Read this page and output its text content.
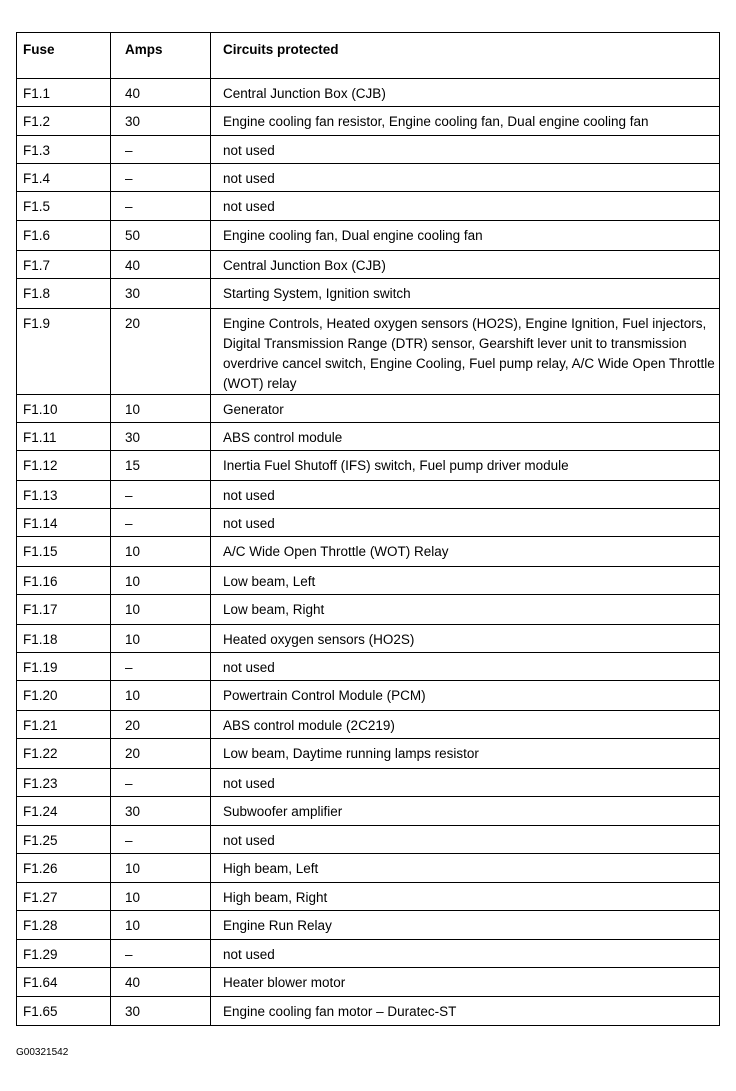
Fuse	Amps	Circuits protected
F1.1	40	Central Junction Box (CJB)
F1.2	30	Engine cooling fan resistor, Engine cooling fan, Dual engine cooling fan
F1.3	–	not used
F1.4	–	not used
F1.5	–	not used
F1.6	50	Engine cooling fan, Dual engine cooling fan
F1.7	40	Central Junction Box (CJB)
F1.8	30	Starting System, Ignition switch
F1.9	20	Engine Controls, Heated oxygen sensors (HO2S), Engine Ignition, Fuel injectors, Digital Transmission Range (DTR) sensor, Gearshift lever unit to transmission overdrive cancel switch, Engine Cooling, Fuel pump relay, A/C Wide Open Throttle (WOT) relay
F1.10	10	Generator
F1.11	30	ABS control module
F1.12	15	Inertia Fuel Shutoff (IFS) switch, Fuel pump driver module
F1.13	–	not used
F1.14	–	not used
F1.15	10	A/C Wide Open Throttle (WOT) Relay
F1.16	10	Low beam, Left
F1.17	10	Low beam, Right
F1.18	10	Heated oxygen sensors (HO2S)
F1.19	–	not used
F1.20	10	Powertrain Control Module (PCM)
F1.21	20	ABS control module (2C219)
F1.22	20	Low beam, Daytime running lamps resistor
F1.23	–	not used
F1.24	30	Subwoofer amplifier
F1.25	–	not used
F1.26	10	High beam, Left
F1.27	10	High beam, Right
F1.28	10	Engine Run Relay
F1.29	–	not used
F1.64	40	Heater blower motor
F1.65	30	Engine cooling fan motor – Duratec-ST
G00321542
